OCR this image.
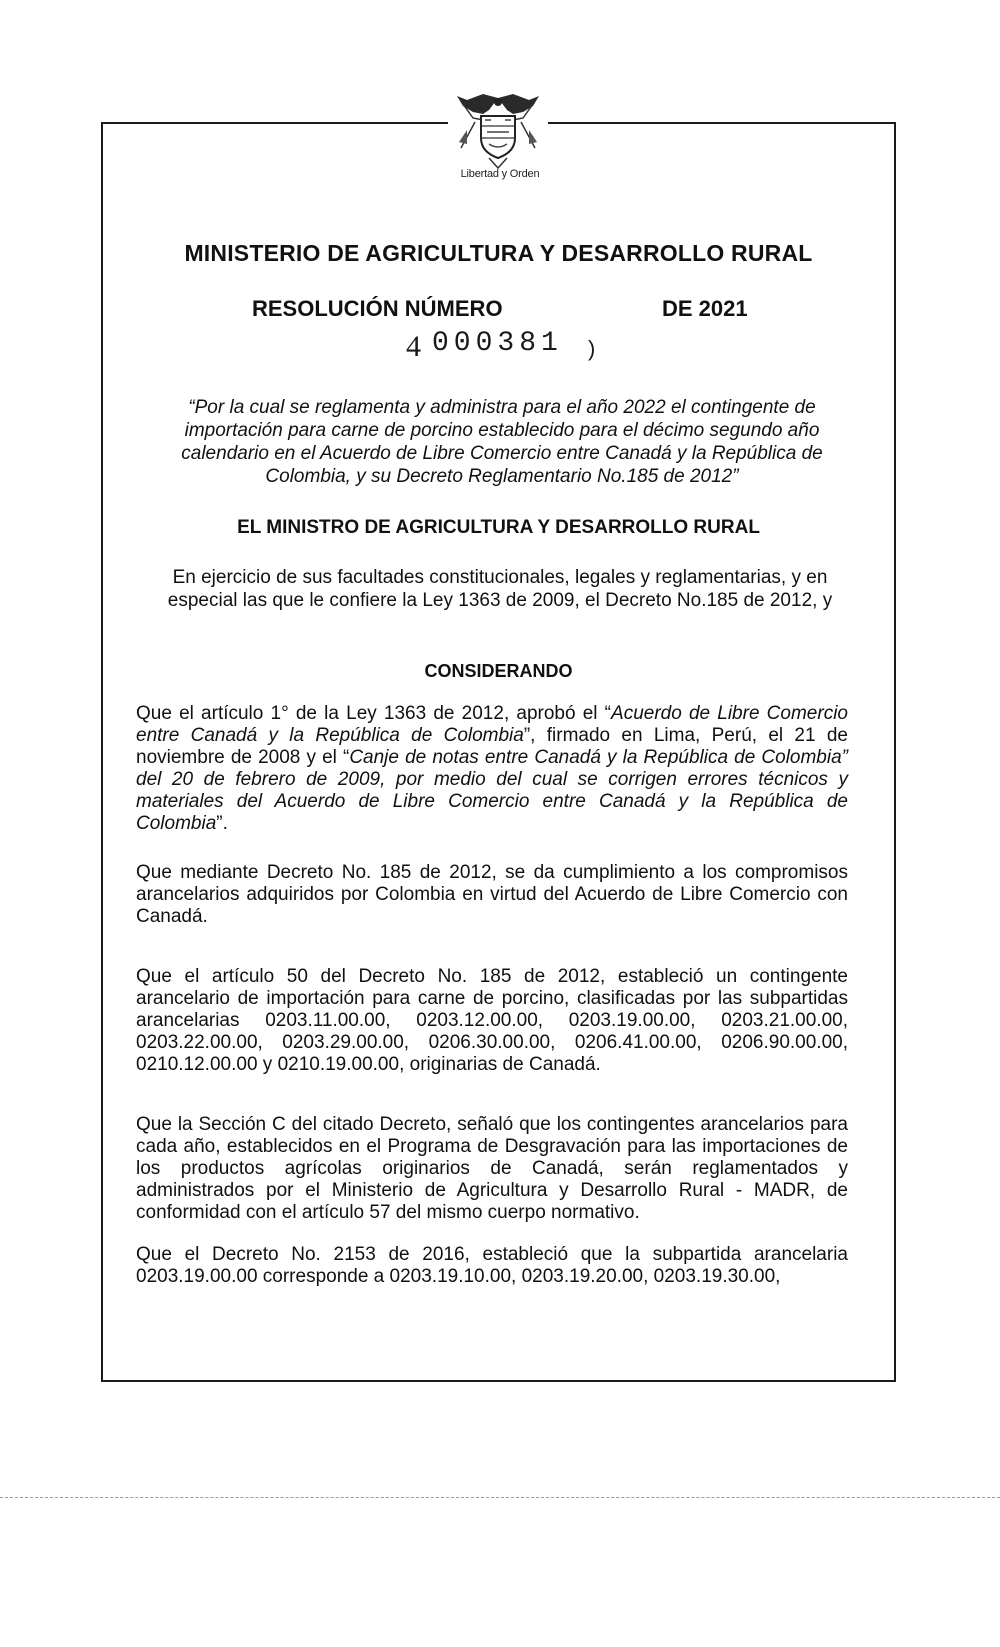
Libertad y Orden
MINISTERIO DE AGRICULTURA Y DESARROLLO RURAL
RESOLUCIÓN NÚMERO	DE 2021
4 000381 )
“Por la cual se reglamenta y administra para el año 2022 el contingente de importación para carne de porcino establecido para el décimo segundo año calendario en el Acuerdo de Libre Comercio entre Canadá y la República de Colombia, y su Decreto Reglamentario No.185 de 2012”
EL MINISTRO DE AGRICULTURA Y DESARROLLO RURAL
En ejercicio de sus facultades constitucionales, legales y reglamentarias, y en especial las que le confiere la Ley 1363 de 2009, el Decreto No.185 de 2012, y
CONSIDERANDO
Que el artículo 1° de la Ley 1363 de 2012, aprobó el “Acuerdo de Libre Comercio entre Canadá y la República de Colombia”, firmado en Lima, Perú, el 21 de noviembre de 2008 y el “Canje de notas entre Canadá y la República de Colombia” del 20 de febrero de 2009, por medio del cual se corrigen errores técnicos y materiales del Acuerdo de Libre Comercio entre Canadá y la República de Colombia”.
Que mediante Decreto No. 185 de 2012, se da cumplimiento a los compromisos arancelarios adquiridos por Colombia en virtud del Acuerdo de Libre Comercio con Canadá.
Que el artículo 50 del Decreto No. 185 de 2012, estableció un contingente arancelario de importación para carne de porcino, clasificadas por las subpartidas arancelarias 0203.11.00.00, 0203.12.00.00, 0203.19.00.00, 0203.21.00.00, 0203.22.00.00, 0203.29.00.00, 0206.30.00.00, 0206.41.00.00, 0206.90.00.00, 0210.12.00.00 y 0210.19.00.00, originarias de Canadá.
Que la Sección C del citado Decreto, señaló que los contingentes arancelarios para cada año, establecidos en el Programa de Desgravación para las importaciones de los productos agrícolas originarios de Canadá, serán reglamentados y administrados por el Ministerio de Agricultura y Desarrollo Rural - MADR, de conformidad con el artículo 57 del mismo cuerpo normativo.
Que el Decreto No. 2153 de 2016, estableció que la subpartida arancelaria 0203.19.00.00 corresponde a 0203.19.10.00, 0203.19.20.00, 0203.19.30.00,
